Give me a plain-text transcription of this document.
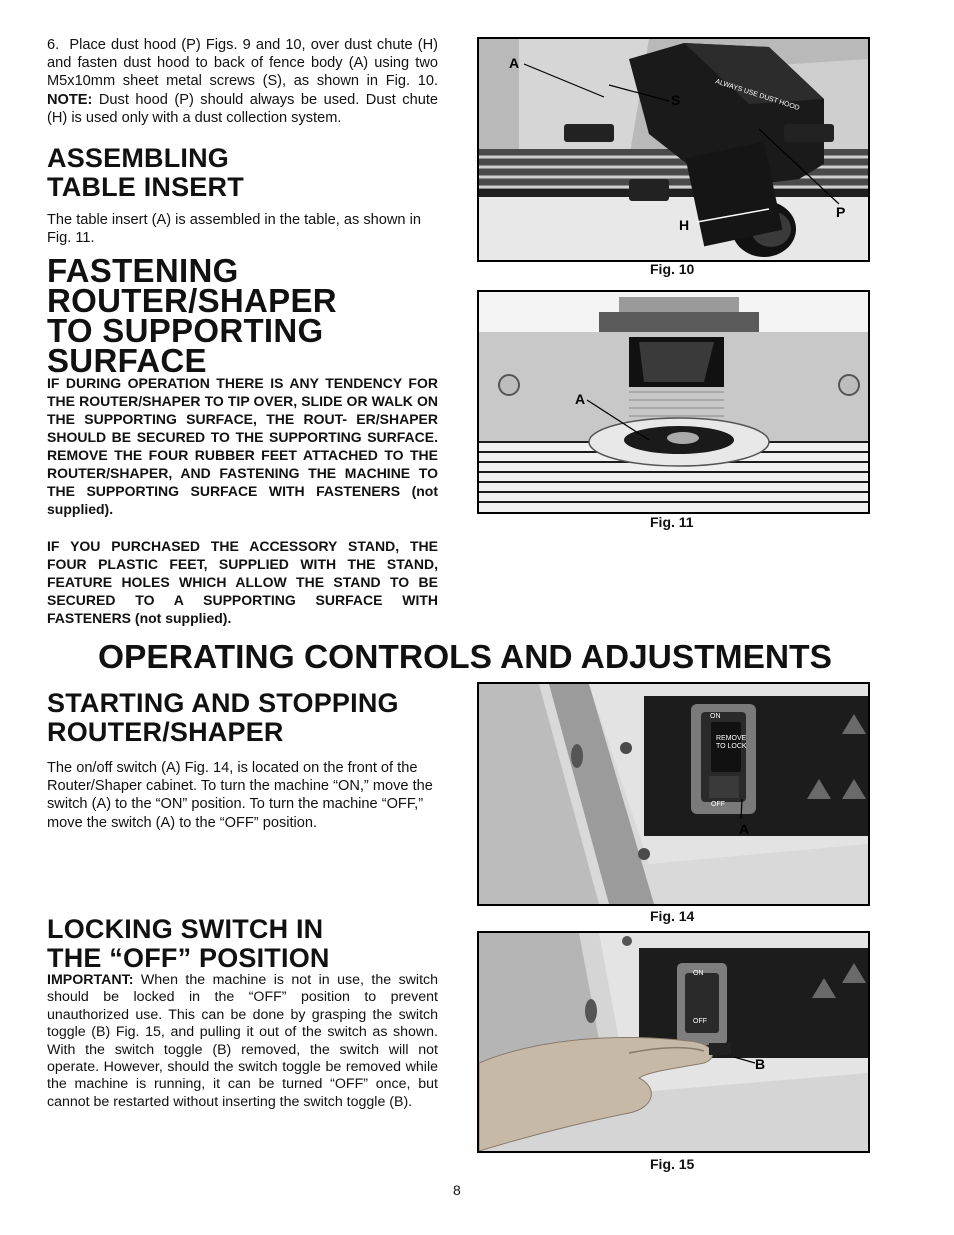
6.  Place dust hood (P) Figs. 9 and 10, over dust chute (H) and fasten dust hood to back of fence body (A) using two M5x10mm sheet metal screws (S), as shown in Fig. 10. NOTE: Dust hood (P) should always be used. Dust chute (H) is used only with a dust collection system.

ASSEMBLING
TABLE INSERT

The table insert (A) is assembled in the table, as shown in Fig. 11.

FASTENING
ROUTER/SHAPER
TO SUPPORTING
SURFACE

IF DURING OPERATION THERE IS ANY TENDENCY FOR THE ROUTER/SHAPER TO TIP OVER, SLIDE OR WALK ON THE SUPPORTING SURFACE, THE ROUT- ER/SHAPER SHOULD BE SECURED TO THE SUPPORTING SURFACE. REMOVE THE FOUR RUBBER FEET ATTACHED TO THE ROUTER/SHAPER, AND FASTENING THE MACHINE TO THE SUPPORTING SURFACE WITH FASTENERS (not supplied).

IF YOU PURCHASED THE ACCESSORY STAND, THE FOUR PLASTIC FEET, SUPPLIED WITH THE STAND, FEATURE HOLES WHICH ALLOW THE STAND TO BE SECURED TO A SUPPORTING SURFACE WITH FASTENERS (not supplied).

OPERATING CONTROLS AND ADJUSTMENTS
STARTING AND STOPPING
ROUTER/SHAPER

The on/off switch (A) Fig. 14, is located on the front of the Router/Shaper cabinet. To turn the machine “ON,” move the switch (A) to the “ON” position. To turn the machine “OFF,” move the switch (A) to the “OFF” position.

LOCKING SWITCH IN
THE “OFF” POSITION

IMPORTANT: When the machine is not in use, the switch should be locked in the “OFF” position to prevent unauthorized use. This can be done by grasping the switch toggle (B) Fig. 15, and pulling it out of the switch as shown. With the switch toggle (B) removed, the switch will not operate. However, should the switch toggle be removed while the machine is running, it can be turned “OFF” once, but cannot be restarted without inserting the switch toggle (B).

ALWAYS USE DUST HOOD
A
S
H
P
Fig. 10
A
Fig. 11
ON
REMOVE
TO LOCK
OFF
A
Fig. 14
ON
OFF
B
Fig. 15
8
